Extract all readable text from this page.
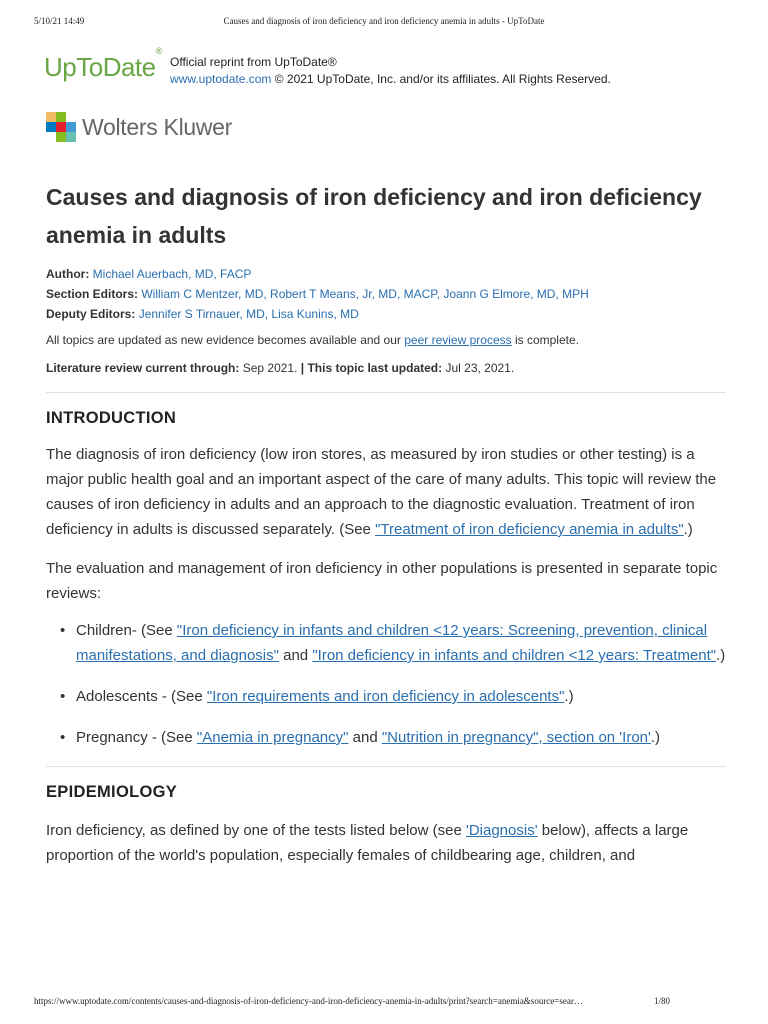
5/10/21 14:49	Causes and diagnosis of iron deficiency and iron deficiency anemia in adults - UpToDate
UpToDate®
Official reprint from UpToDate®
www.uptodate.com © 2021 UpToDate, Inc. and/or its affiliates. All Rights Reserved.
Wolters Kluwer
Causes and diagnosis of iron deficiency and iron deficiency anemia in adults
Author: Michael Auerbach, MD, FACP
Section Editors: William C Mentzer, MD, Robert T Means, Jr, MD, MACP, Joann G Elmore, MD, MPH
Deputy Editors: Jennifer S Tirnauer, MD, Lisa Kunins, MD
All topics are updated as new evidence becomes available and our peer review process is complete.
Literature review current through: Sep 2021. | This topic last updated: Jul 23, 2021.
INTRODUCTION

The diagnosis of iron deficiency (low iron stores, as measured by iron studies or other testing) is a major public health goal and an important aspect of the care of many adults. This topic will review the causes of iron deficiency in adults and an approach to the diagnostic evaluation. Treatment of iron deficiency in adults is discussed separately. (See "Treatment of iron deficiency anemia in adults".)

The evaluation and management of iron deficiency in other populations is presented in separate topic reviews:

• Children- (See "Iron deficiency in infants and children <12 years: Screening, prevention, clinical manifestations, and diagnosis" and "Iron deficiency in infants and children <12 years: Treatment".)
• Adolescents - (See "Iron requirements and iron deficiency in adolescents".)
• Pregnancy - (See "Anemia in pregnancy" and "Nutrition in pregnancy", section on 'Iron'.)
EPIDEMIOLOGY

Iron deficiency, as defined by one of the tests listed below (see 'Diagnosis' below), affects a large proportion of the world's population, especially females of childbearing age, children, and

https://www.uptodate.com/contents/causes-and-diagnosis-of-iron-deficiency-and-iron-deficiency-anemia-in-adults/print?search=anemia&source=sear…	1/80
